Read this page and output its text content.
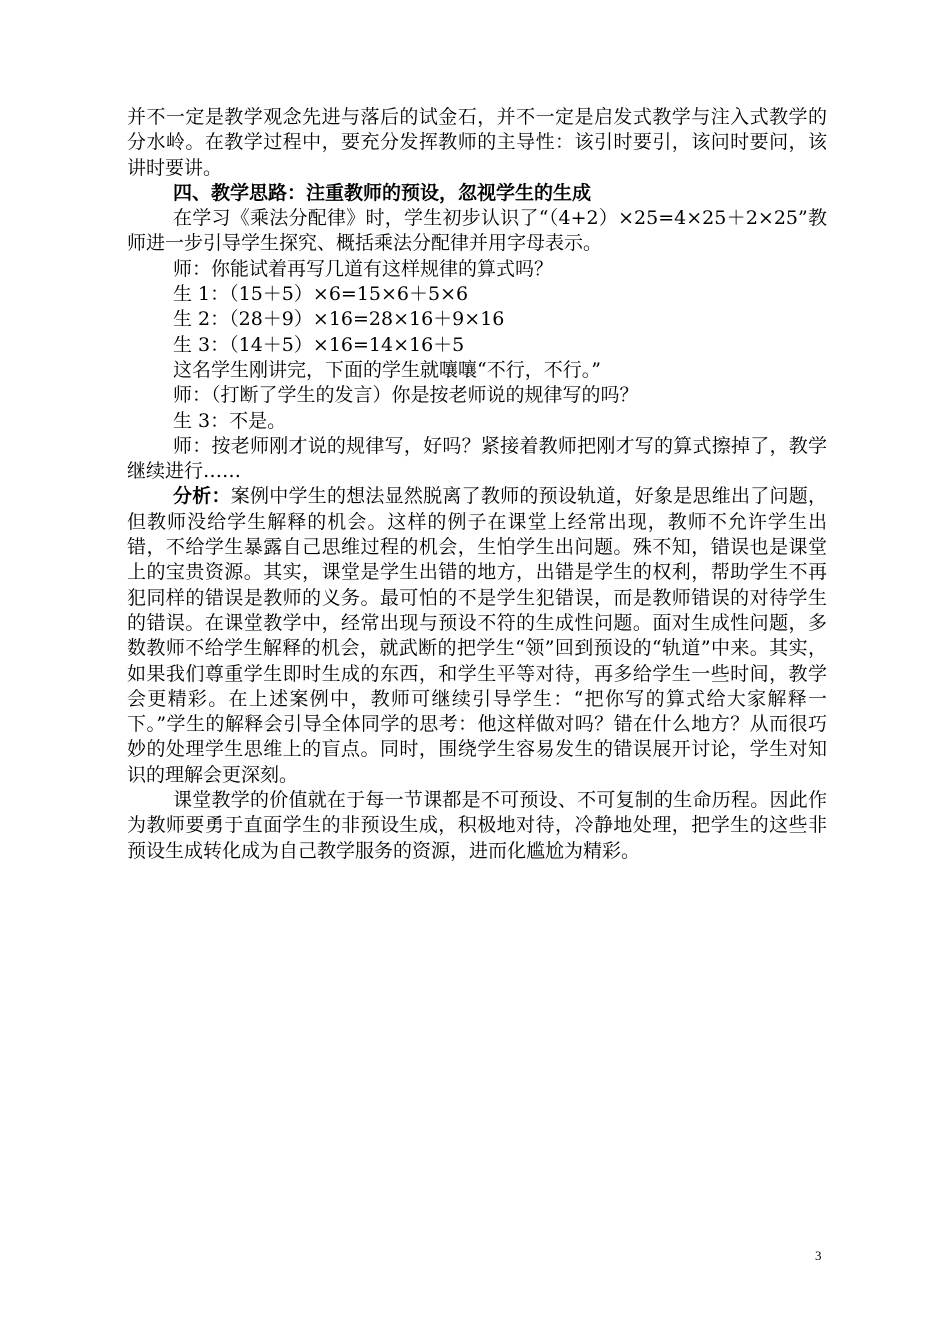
并不一定是教学观念先进与落后的试金石，并不一定是启发式教学与注入式教学的分水岭。在教学过程中，要充分发挥教师的主导性：该引时要引，该问时要问，该讲时要讲。

四、教学思路：注重教师的预设，忽视学生的生成

在学习《乘法分配律》时，学生初步认识了“（4+2）×25=4×25＋2×25”教师进一步引导学生探究、概括乘法分配律并用字母表示。

师：你能试着再写几道有这样规律的算式吗？

生 1：（15＋5）×6=15×6＋5×6

生 2：（28＋9）×16=28×16＋9×16

生 3：（14＋5）×16=14×16＋5

这名学生刚讲完，下面的学生就嚷嚷“不行，不行。”

师：（打断了学生的发言）你是按老师说的规律写的吗？

生 3：不是。

师：按老师刚才说的规律写，好吗？紧接着教师把刚才写的算式擦掉了，教学继续进行……

分析：案例中学生的想法显然脱离了教师的预设轨道，好象是思维出了问题，但教师没给学生解释的机会。这样的例子在课堂上经常出现，教师不允许学生出错，不给学生暴露自己思维过程的机会，生怕学生出问题。殊不知，错误也是课堂上的宝贵资源。其实，课堂是学生出错的地方，出错是学生的权利，帮助学生不再犯同样的错误是教师的义务。最可怕的不是学生犯错误，而是教师错误的对待学生的错误。在课堂教学中，经常出现与预设不符的生成性问题。面对生成性问题，多数教师不给学生解释的机会，就武断的把学生“领”回到预设的“轨道”中来。其实，如果我们尊重学生即时生成的东西，和学生平等对待，再多给学生一些时间，教学会更精彩。在上述案例中，教师可继续引导学生：“把你写的算式给大家解释一下。”学生的解释会引导全体同学的思考：他这样做对吗？错在什么地方？从而很巧妙的处理学生思维上的盲点。同时，围绕学生容易发生的错误展开讨论，学生对知识的理解会更深刻。

课堂教学的价值就在于每一节课都是不可预设、不可复制的生命历程。因此作为教师要勇于直面学生的非预设生成，积极地对待，冷静地处理，把学生的这些非预设生成转化成为自己教学服务的资源，进而化尴尬为精彩。

3
